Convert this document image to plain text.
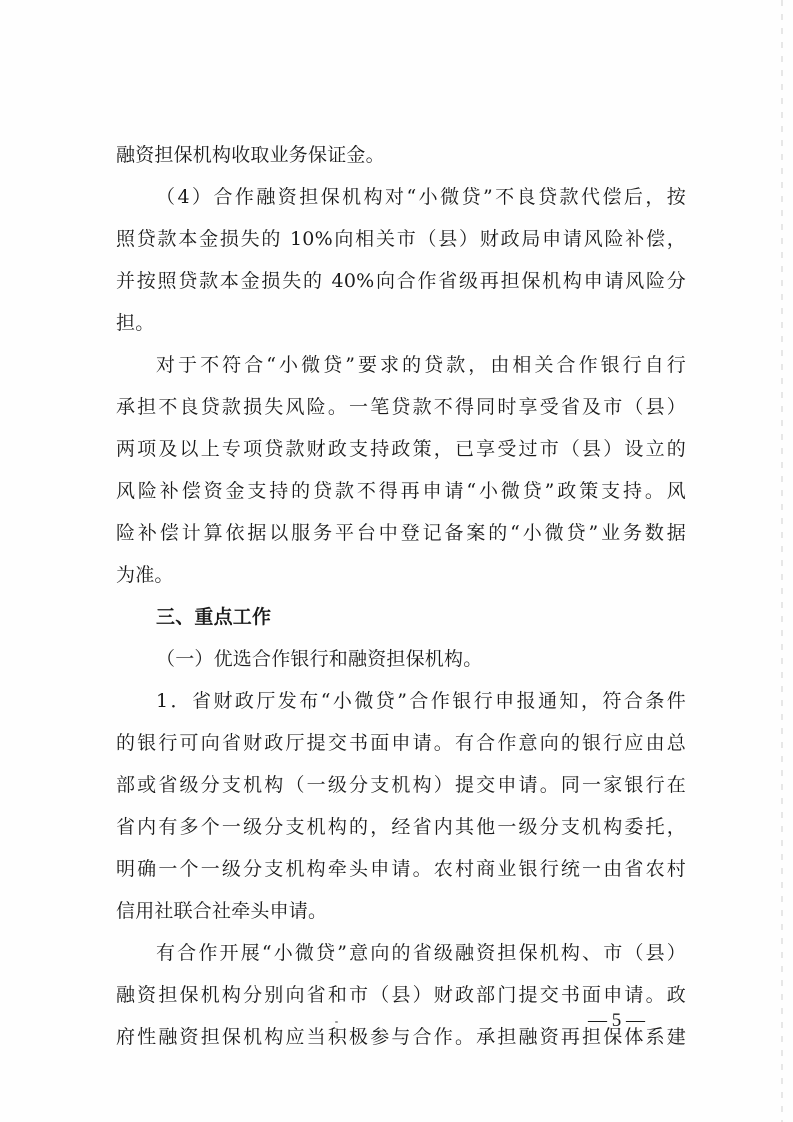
融资担保机构收取业务保证金。
（4）合作融资担保机构对“小微贷”不良贷款代偿后，按
照贷款本金损失的 10%向相关市（县）财政局申请风险补偿，
并按照贷款本金损失的 40%向合作省级再担保机构申请风险分
担。
对于不符合“小微贷”要求的贷款，由相关合作银行自行
承担不良贷款损失风险。一笔贷款不得同时享受省及市（县）
两项及以上专项贷款财政支持政策，已享受过市（县）设立的
风险补偿资金支持的贷款不得再申请“小微贷”政策支持。风
险补偿计算依据以服务平台中登记备案的“小微贷”业务数据
为准。
三、重点工作
（一）优选合作银行和融资担保机构。
1．省财政厅发布“小微贷”合作银行申报通知，符合条件
的银行可向省财政厅提交书面申请。有合作意向的银行应由总
部或省级分支机构（一级分支机构）提交申请。同一家银行在
省内有多个一级分支机构的，经省内其他一级分支机构委托，
明确一个一级分支机构牵头申请。农村商业银行统一由省农村
信用社联合社牵头申请。
有合作开展“小微贷”意向的省级融资担保机构、市（县）
融资担保机构分别向省和市（县）财政部门提交书面申请。政
府性融资担保机构应当积极参与合作。承担融资再担保体系建
— 5 —
